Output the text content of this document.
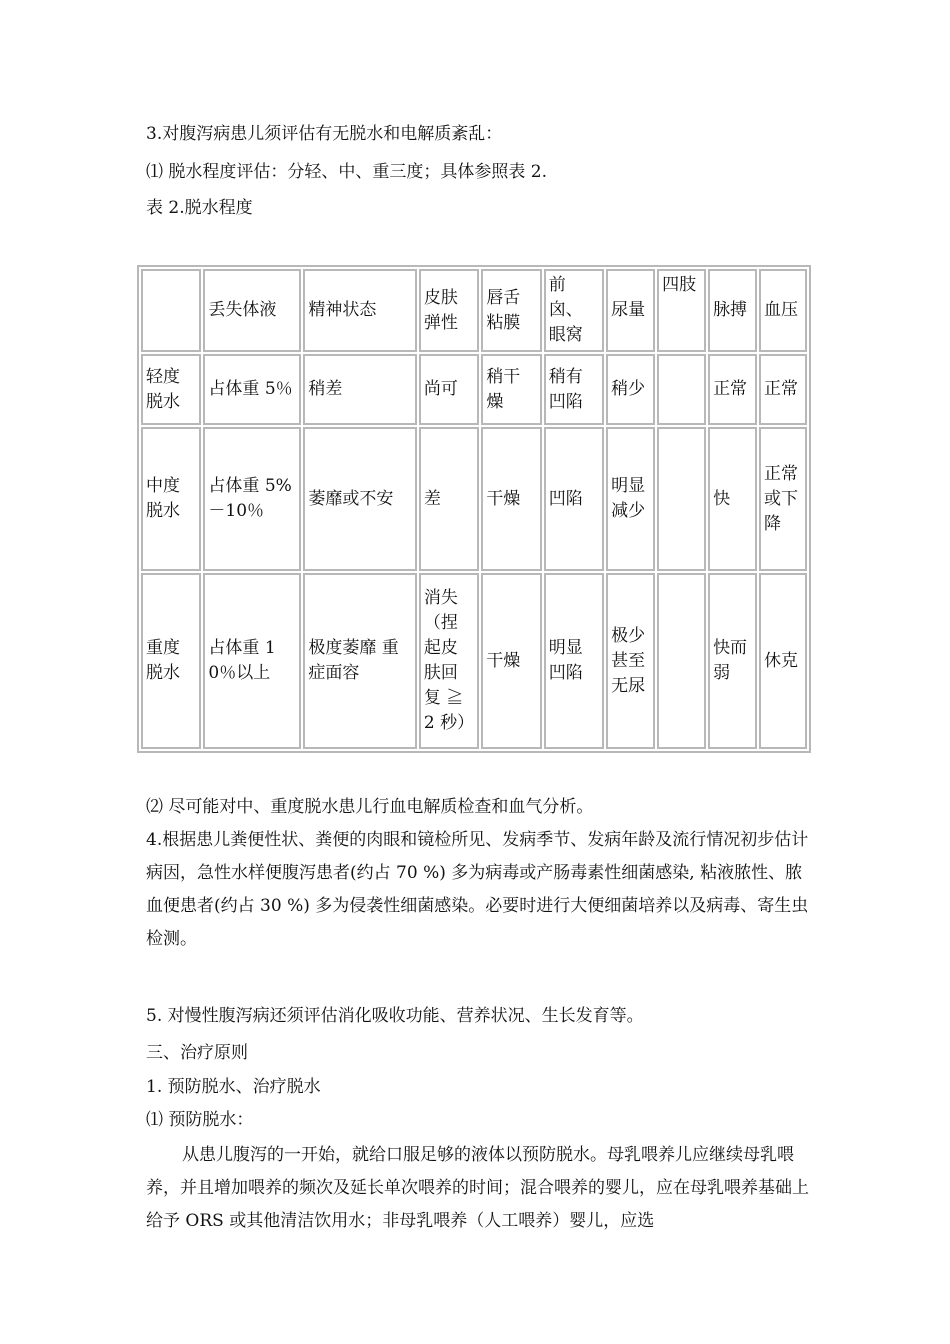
3.对腹泻病患儿须评估有无脱水和电解质紊乱：
⑴ 脱水程度评估：分轻、中、重三度；具体参照表 2.
表 2.脱水程度
	丢失体液	精神状态	皮肤弹性	唇舌粘膜	前囟、眼窝	尿量	四肢	脉搏	血压
轻度脱水	占体重 5％	稍差	尚可	稍干燥	稍有凹陷	稍少		正常	正常
中度脱水	占体重 5%－10％	萎靡或不安	差	干燥	凹陷	明显减少		快	正常或下降
重度脱水	占体重 10％以上	极度萎靡 重症面容	消失（捏起皮肤回复 ≧ 2 秒）	干燥	明显凹陷	极少甚至无尿		快而弱	休克
⑵ 尽可能对中、重度脱水患儿行血电解质检查和血气分析。
4.根据患儿粪便性状、粪便的肉眼和镜检所见、发病季节、发病年龄及流行情况初步估计病因，急性水样便腹泻患者(约占 70 %) 多为病毒或产肠毒素性细菌感染, 粘液脓性、脓血便患者(约占 30 %) 多为侵袭性细菌感染。必要时进行大便细菌培养以及病毒、寄生虫检测。
5. 对慢性腹泻病还须评估消化吸收功能、营养状况、生长发育等。
三、治疗原则
1. 预防脱水、治疗脱水
⑴ 预防脱水：
从患儿腹泻的一开始，就给口服足够的液体以预防脱水。母乳喂养儿应继续母乳喂养，并且增加喂养的频次及延长单次喂养的时间；混合喂养的婴儿，应在母乳喂养基础上给予 ORS 或其他清洁饮用水；非母乳喂养（人工喂养）婴儿，应选
